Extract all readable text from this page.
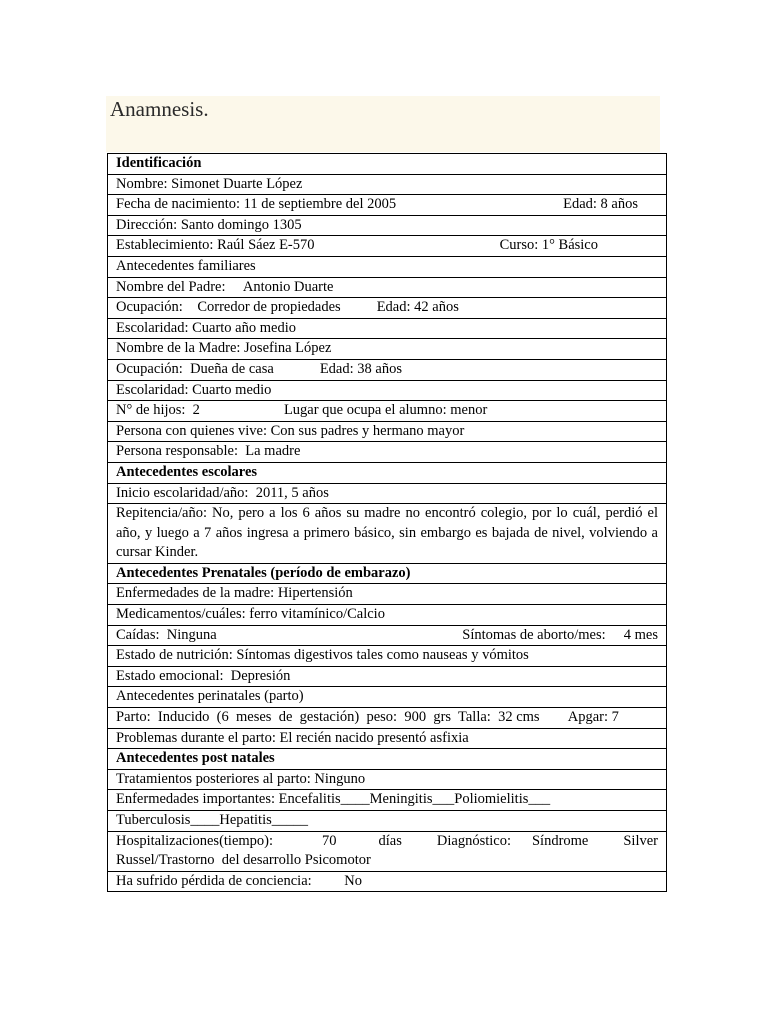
Anamnesis.
Identificación
Nombre: Simonet Duarte López

Fecha de nacimiento: 11 de septiembre del 2005	Edad: 8 años

Dirección: Santo domingo 1305

Establecimiento: Raúl Sáez E-570	Curso: 1° Básico

Antecedentes familiares
Nombre del Padre:     Antonio Duarte
Ocupación:    Corredor de propiedades Edad: 42 años
Escolaridad: Cuarto año medio
Nombre de la Madre: Josefina López
Ocupación:  Dueña de casa	Edad: 38 años
Escolaridad: Cuarto medio
N° de hijos:  2	Lugar que ocupa el alumno: menor
Persona con quienes vive: Con sus padres y hermano mayor
Persona responsable:  La madre
Antecedentes escolares
Inicio escolaridad/año:  2011, 5 años
Repitencia/año: No, pero a los 6 años su madre no encontró colegio, por lo cuál, perdió el año, y luego a 7 años ingresa a primero básico, sin embargo es bajada de nivel, volviendo a cursar Kinder.
Antecedentes Prenatales (período de embarazo)
Enfermedades de la madre: Hipertensión
Medicamentos/cuáles: ferro vitamínico/Calcio

Caídas:  Ninguna	Síntomas de aborto/mes:     4 mes

Estado de nutrición: Síntomas digestivos tales como nauseas y vómitos
Estado emocional:  Depresión
Antecedentes perinatales (parto)
Parto:  Inducido  (6  meses  de  gestación)  peso:  900  grs  Talla:  32 cms        Apgar: 7
Problemas durante el parto: El recién nacido presentó asfixia
Antecedentes post natales
Tratamientos posteriores al parto: Ninguno
Enfermedades importantes: Encefalitis____Meningitis___Poliomielitis___
Tuberculosis____Hepatitis_____
Hospitalizaciones(tiempo):       70      días     Diagnóstico:   Síndrome     Silver Russel/Trastorno  del desarrollo Psicomotor
Ha sufrido pérdida de conciencia:         No
